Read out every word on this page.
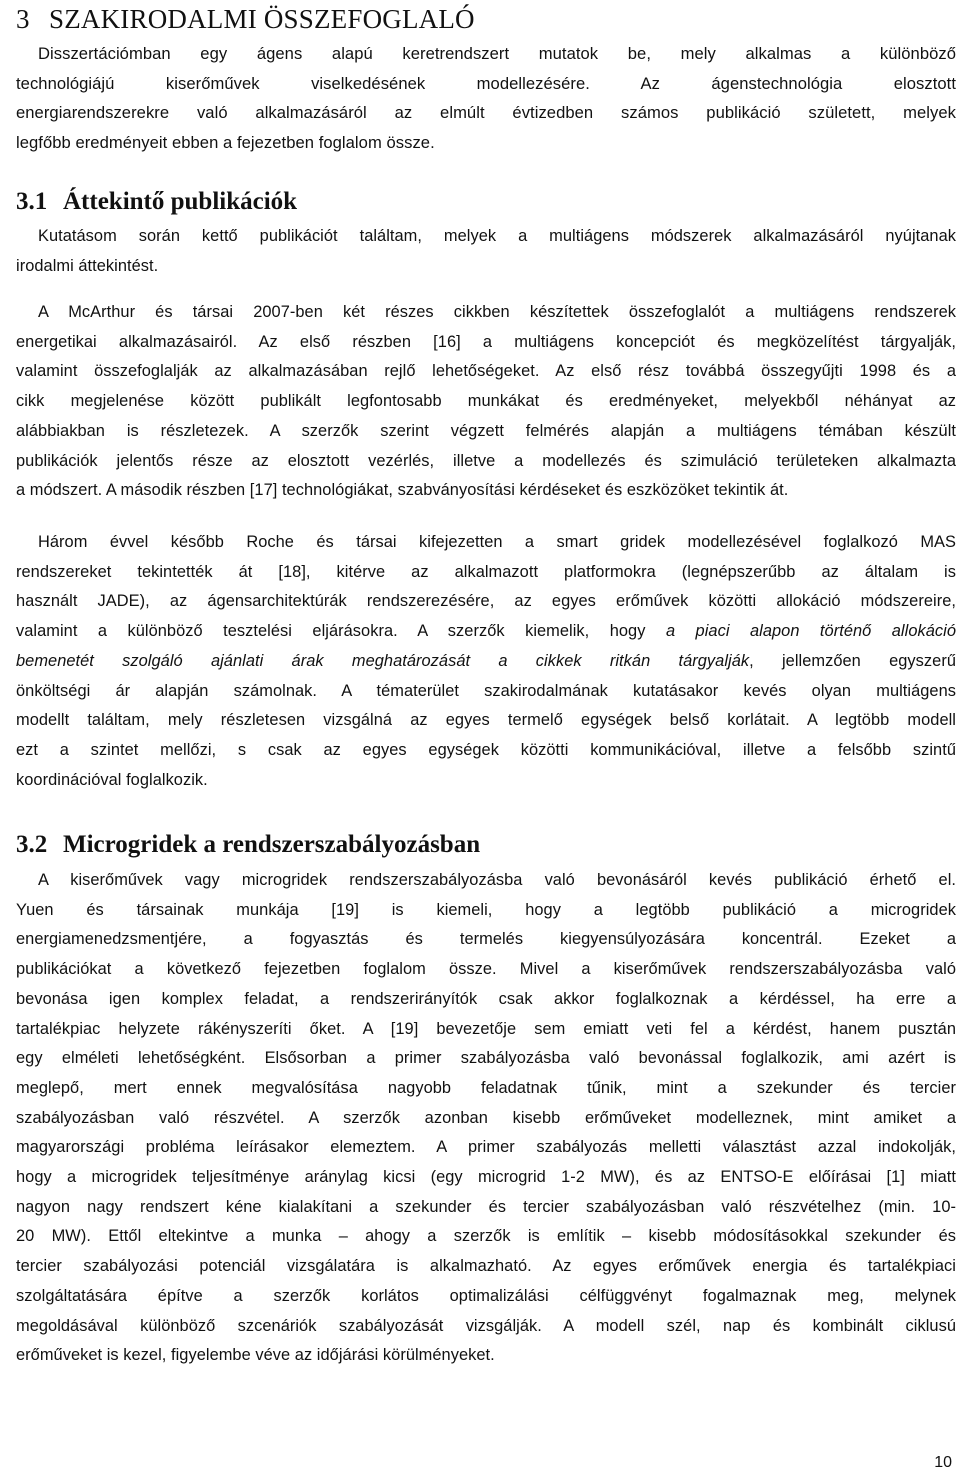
3 SZAKIRODALMI ÖSSZEFOGLALÓ
Disszertációmban egy ágens alapú keretrendszert mutatok be, mely alkalmas a különböző
technológiájú kiserőművek viselkedésének modellezésére. Az ágenstechnológia elosztott
energiarendszerekre való alkalmazásáról az elmúlt évtizedben számos publikáció született, melyek
legfőbb eredményeit ebben a fejezetben foglalom össze.
3.1 Áttekintő publikációk
Kutatásom során kettő publikációt találtam, melyek a multiágens módszerek alkalmazásáról nyújtanak
irodalmi áttekintést.
A McArthur és társai 2007-ben két részes cikkben készítettek összefoglalót a multiágens rendszerek
energetikai alkalmazásairól. Az első részben [16] a multiágens koncepciót és megközelítést tárgyalják,
valamint összefoglalják az alkalmazásában rejlő lehetőségeket. Az első rész továbbá összegyűjti 1998 és a
cikk megjelenése között publikált legfontosabb munkákat és eredményeket, melyekből néhányat az
alábbiakban is részletezek. A szerzők szerint végzett felmérés alapján a multiágens témában készült
publikációk jelentős része az elosztott vezérlés, illetve a modellezés és szimuláció területeken alkalmazta
a módszert. A második részben [17] technológiákat, szabványosítási kérdéseket és eszközöket tekintik át.
Három évvel később Roche és társai kifejezetten a smart gridek modellezésével foglalkozó MAS
rendszereket tekintették át [18], kitérve az alkalmazott platformokra (legnépszerűbb az általam is
használt JADE), az ágensarchitektúrák rendszerezésére, az egyes erőművek közötti allokáció módszereire,
valamint a különböző tesztelési eljárásokra. A szerzők kiemelik, hogy a piaci alapon történő allokáció
bemenetét szolgáló ajánlati árak meghatározását a cikkek ritkán tárgyalják, jellemzően egyszerű
önköltségi ár alapján számolnak. A tématerület szakirodalmának kutatásakor kevés olyan multiágens
modellt találtam, mely részletesen vizsgálná az egyes termelő egységek belső korlátait. A legtöbb modell
ezt a szintet mellőzi, s csak az egyes egységek közötti kommunikációval, illetve a felsőbb szintű
koordinációval foglalkozik.
3.2 Microgridek a rendszerszabályozásban
A kiserőművek vagy microgridek rendszerszabályozásba való bevonásáról kevés publikáció érhető el.
Yuen és társainak munkája [19] is kiemeli, hogy a legtöbb publikáció a microgridek
energiamenedzsmentjére, a fogyasztás és termelés kiegyensúlyozására koncentrál. Ezeket a
publikációkat a következő fejezetben foglalom össze. Mivel a kiserőművek rendszerszabályozásba való
bevonása igen komplex feladat, a rendszerirányítók csak akkor foglalkoznak a kérdéssel, ha erre a
tartalékpiac helyzete rákényszeríti őket. A [19] bevezetője sem emiatt veti fel a kérdést, hanem pusztán
egy elméleti lehetőségként. Elsősorban a primer szabályozásba való bevonással foglalkozik, ami azért is
meglepő, mert ennek megvalósítása nagyobb feladatnak tűnik, mint a szekunder és tercier
szabályozásban való részvétel. A szerzők azonban kisebb erőműveket modelleznek, mint amiket a
magyarországi probléma leírásakor elemeztem. A primer szabályozás melletti választást azzal indokolják,
hogy a microgridek teljesítménye aránylag kicsi (egy microgrid 1-2 MW), és az ENTSO-E előírásai [1] miatt
nagyon nagy rendszert kéne kialakítani a szekunder és tercier szabályozásban való részvételhez (min. 10-
20 MW). Ettől eltekintve a munka – ahogy a szerzők is említik – kisebb módosításokkal szekunder és
tercier szabályozási potenciál vizsgálatára is alkalmazható. Az egyes erőművek energia és tartalékpiaci
szolgáltatására építve a szerzők korlátos optimalizálási célfüggvényt fogalmaznak meg, melynek
megoldásával különböző szcenáriók szabályozását vizsgálják. A modell szél, nap és kombinált ciklusú
erőműveket is kezel, figyelembe véve az időjárási körülményeket.
10
